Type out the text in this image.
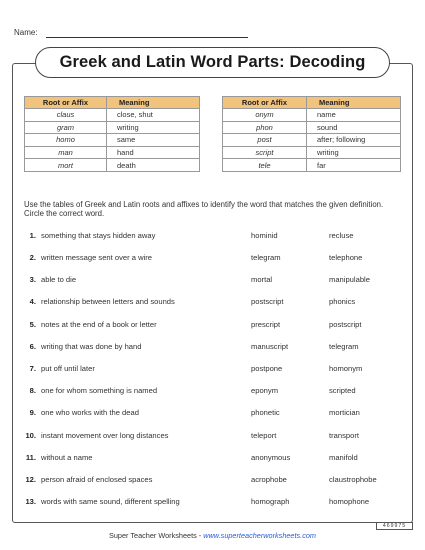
Name:
Greek and Latin Word Parts: Decoding
Root or Affix	Meaning
claus	close, shut
gram	writing
homo	same
man	hand
mort	death
Root or Affix	Meaning
onym	name
phon	sound
post	after; following
script	writing
tele	far
Use the tables of Greek and Latin roots and affixes to identify the word that matches the given definition. Circle the correct word.
1. something that stays hidden away	hominid	recluse
2. written message sent over a wire	telegram	telephone
3. able to die	mortal	manipulable
4. relationship between letters and sounds	postscript	phonics
5. notes at the end of a book or letter	prescript	postscript
6. writing that was done by hand	manuscript	telegram
7. put off until later	postpone	homonym
8. one for whom something is named	eponym	scripted
9. one who works with the dead	phonetic	mortician
10. instant movement over long distances	teleport	transport
11. without a name	anonymous	manifold
12. person afraid of enclosed spaces	acrophobe	claustrophobe
13. words with same sound, different spelling	homograph	homophone
469975
Super Teacher Worksheets - www.superteacherworksheets.com
